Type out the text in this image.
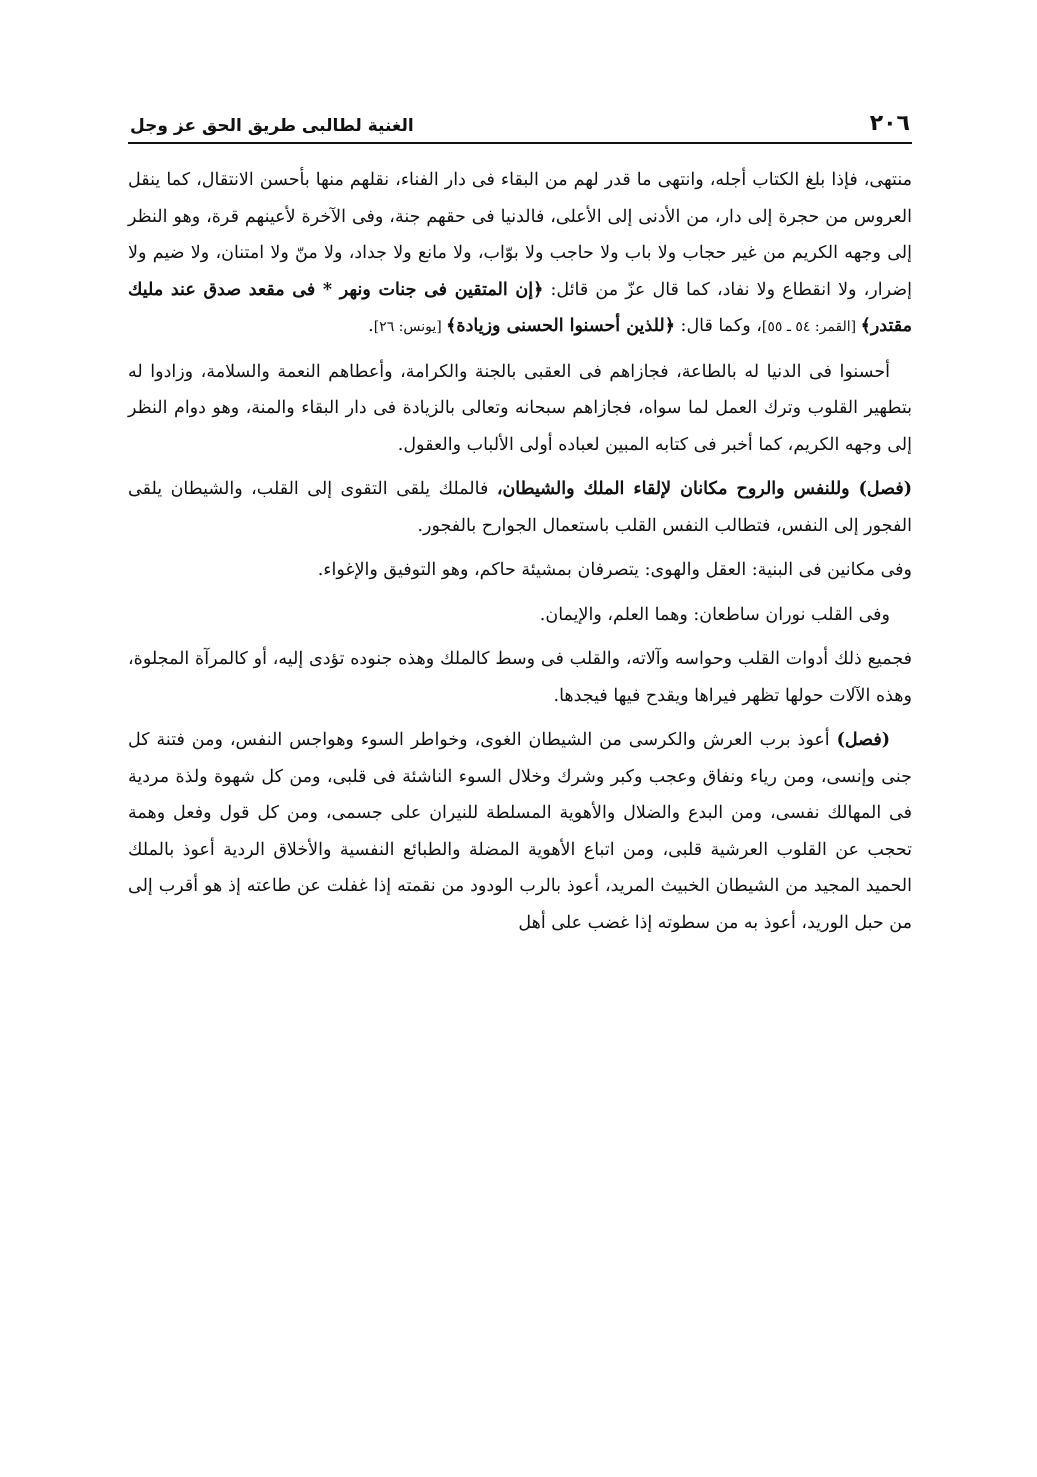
٢٠٦
الغنية لطالبى طريق الحق عز وجل

منتهى، فإذا بلغ الكتاب أجله، وانتهى ما قدر لهم من البقاء فى دار الفناء، نقلهم منها بأحسن الانتقال، كما ينقل العروس من حجرة إلى دار، من الأدنى إلى الأعلى، فالدنيا فى حقهم جنة، وفى الآخرة لأعينهم قرة، وهو النظر إلى وجهه الكريم من غير حجاب ولا باب ولا حاجب ولا بوّاب، ولا مانع ولا جداد، ولا منّ ولا امتنان، ولا ضيم ولا إضرار، ولا انقطاع ولا نفاد، كما قال عزّ من قائل: ﴿إن المتقين فى جنات ونهر * فى مقعد صدق عند مليك مقتدر﴾ [القمر: ٥٤ ـ ٥٥]، وكما قال: ﴿للذين أحسنوا الحسنى وزيادة﴾ [يونس: ٢٦].

أحسنوا فى الدنيا له بالطاعة، فجازاهم فى العقبى بالجنة والكرامة، وأعطاهم النعمة والسلامة، وزادوا له بتطهير القلوب وترك العمل لما سواه، فجازاهم سبحانه وتعالى بالزيادة فى دار البقاء والمنة، وهو دوام النظر إلى وجهه الكريم، كما أخبر فى كتابه المبين لعباده أولى الألباب والعقول.

(فصل) وللنفس والروح مكانان لإلقاء الملك والشيطان، فالملك يلقى التقوى إلى القلب، والشيطان يلقى الفجور إلى النفس، فتطالب النفس القلب باستعمال الجوارح بالفجور.

وفى مكانين فى البنية: العقل والهوى: يتصرفان بمشيئة حاكم، وهو التوفيق والإغواء.

وفى القلب نوران ساطعان: وهما العلم، والإيمان.

فجميع ذلك أدوات القلب وحواسه وآلاته، والقلب فى وسط كالملك وهذه جنوده تؤدى إليه، أو كالمرآة المجلوة، وهذه الآلات حولها تظهر فيراها ويقدح فيها فيجدها.

(فصل) أعوذ برب العرش والكرسى من الشيطان الغوى، وخواطر السوء وهواجس النفس، ومن فتنة كل جنى وإنسى، ومن رياء ونفاق وعجب وكبر وشرك وخلال السوء الناشئة فى قلبى، ومن كل شهوة ولذة مردية فى المهالك نفسى، ومن البدع والضلال والأهوية المسلطة للنيران على جسمى، ومن كل قول وفعل وهمة تحجب عن القلوب العرشية قلبى، ومن اتباع الأهوية المضلة والطبائع النفسية والأخلاق الردية أعوذ بالملك الحميد المجيد من الشيطان الخبيث المريد، أعوذ بالرب الودود من نقمته إذا غفلت عن طاعته إذ هو أقرب إلى من حبل الوريد، أعوذ به من سطوته إذا غضب على أهل
